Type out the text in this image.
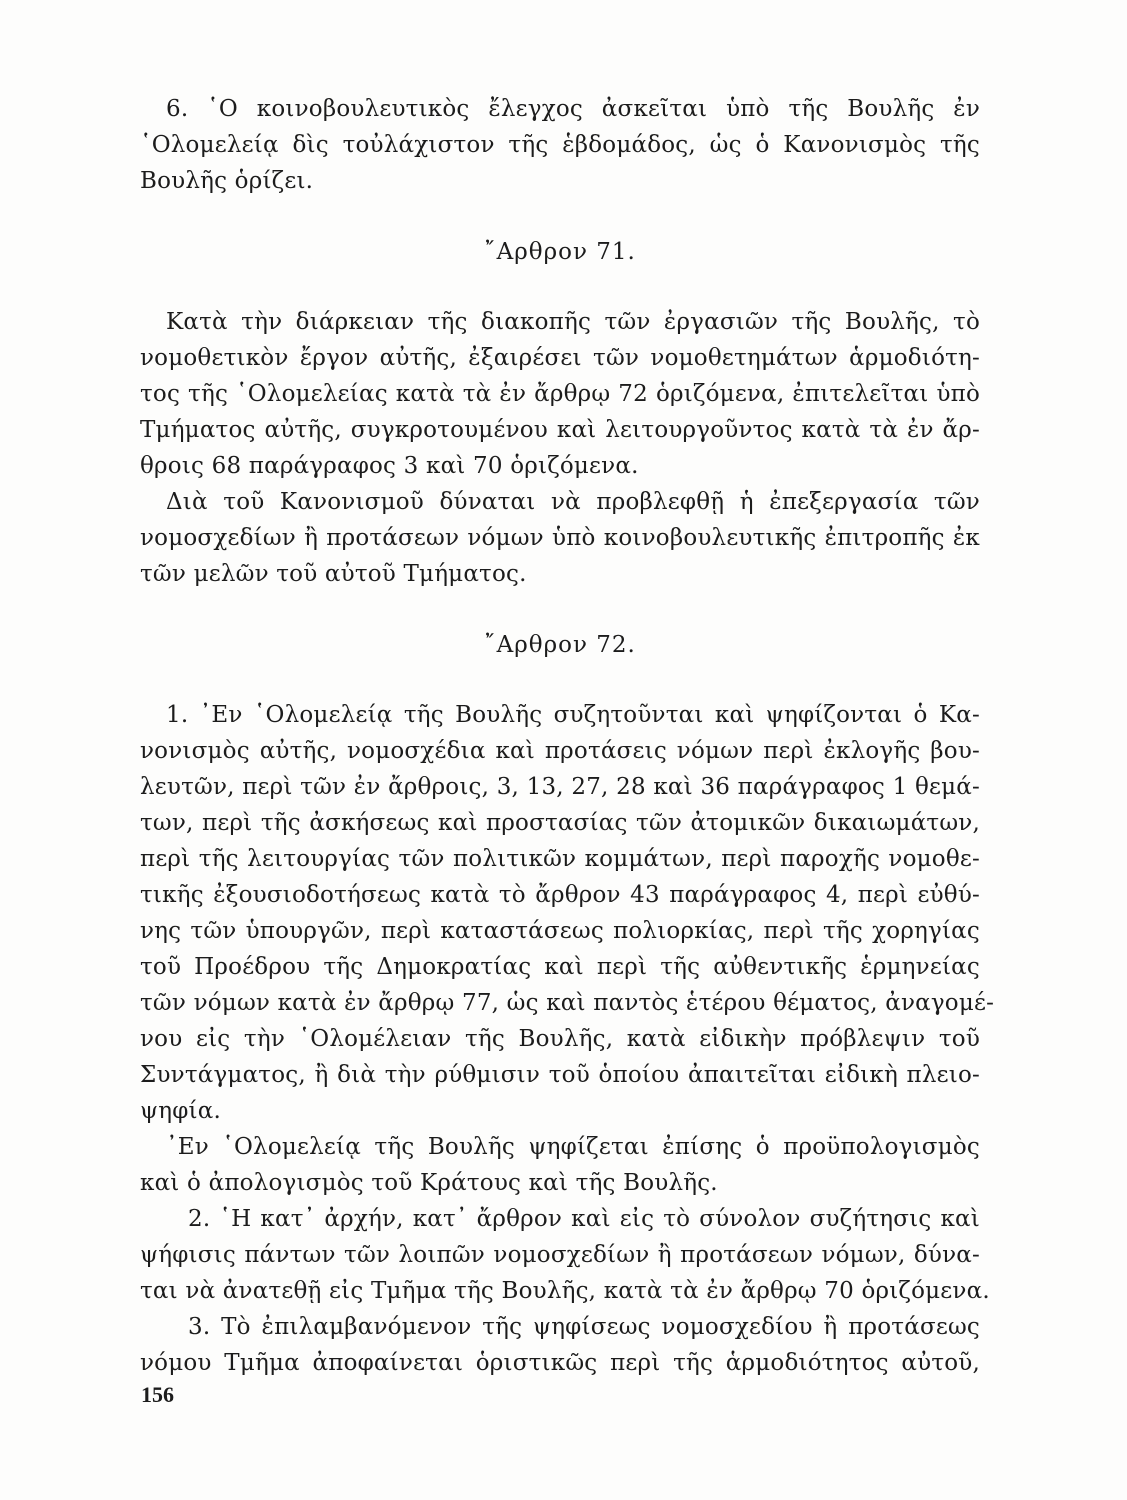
6. ῾Ο κοινοβουλευτικὸς ἔλεγχος ἀσκεῖται ὑπὸ τῆς Βουλῆς ἐν
῾Ολομελείᾳ δὶς τοὐλάχιστον τῆς ἑβδομάδος, ὡς ὁ Κανονισμὸς τῆς
Βουλῆς ὁρίζει.
῎Αρθρον 71.
Κατὰ τὴν διάρκειαν τῆς διακοπῆς τῶν ἐργασιῶν τῆς Βουλῆς, τὸ
νομοθετικὸν ἔργον αὐτῆς, ἐξαιρέσει τῶν νομοθετημάτων ἁρμοδιότη-
τος τῆς ῾Ολομελείας κατὰ τὰ ἐν ἄρθρῳ 72 ὁριζόμενα, ἐπιτελεῖται ὑπὸ
Τμήματος αὐτῆς, συγκροτουμένου καὶ λειτουργοῦντος κατὰ τὰ ἐν ἄρ-
θροις 68 παράγραφος 3 καὶ 70 ὁριζόμενα.
Διὰ τοῦ Κανονισμοῦ δύναται νὰ προβλεφθῇ ἡ ἐπεξεργασία τῶν
νομοσχεδίων ἢ προτάσεων νόμων ὑπὸ κοινοβουλευτικῆς ἐπιτροπῆς ἐκ
τῶν μελῶν τοῦ αὐτοῦ Τμήματος.
῎Αρθρον 72.
1. ᾿Εν ῾Ολομελείᾳ τῆς Βουλῆς συζητοῦνται καὶ ψηφίζονται ὁ Κα-
νονισμὸς αὐτῆς, νομοσχέδια καὶ προτάσεις νόμων περὶ ἐκλογῆς βου-
λευτῶν, περὶ τῶν ἐν ἄρθροις, 3, 13, 27, 28 καὶ 36 παράγραφος 1 θεμά-
των, περὶ τῆς ἀσκήσεως καὶ προστασίας τῶν ἀτομικῶν δικαιωμάτων,
περὶ τῆς λειτουργίας τῶν πολιτικῶν κομμάτων, περὶ παροχῆς νομοθε-
τικῆς ἐξουσιοδοτήσεως κατὰ τὸ ἄρθρον 43 παράγραφος 4, περὶ εὐθύ-
νης τῶν ὑπουργῶν, περὶ καταστάσεως πολιορκίας, περὶ τῆς χορηγίας
τοῦ Προέδρου τῆς Δημοκρατίας καὶ περὶ τῆς αὐθεντικῆς ἑρμηνείας
τῶν νόμων κατὰ ἐν ἄρθρῳ 77, ὡς καὶ παντὸς ἑτέρου θέματος, ἀναγομέ-
νου εἰς τὴν ῾Ολομέλειαν τῆς Βουλῆς, κατὰ εἰδικὴν πρόβλεψιν τοῦ
Συντάγματος, ἢ διὰ τὴν ρύθμισιν τοῦ ὁποίου ἀπαιτεῖται εἰδικὴ πλειο-
ψηφία.
᾿Εν ῾Ολομελείᾳ τῆς Βουλῆς ψηφίζεται ἐπίσης ὁ προϋπολογισμὸς
καὶ ὁ ἀπολογισμὸς τοῦ Κράτους καὶ τῆς Βουλῆς.
2. ῾Η κατ᾿ ἀρχήν, κατ᾿ ἄρθρον καὶ εἰς τὸ σύνολον συζήτησις καὶ
ψήφισις πάντων τῶν λοιπῶν νομοσχεδίων ἢ προτάσεων νόμων, δύνα-
ται νὰ ἀνατεθῇ εἰς Τμῆμα τῆς Βουλῆς, κατὰ τὰ ἐν ἄρθρῳ 70 ὁριζόμενα.
3. Τὸ ἐπιλαμβανόμενον τῆς ψηφίσεως νομοσχεδίου ἢ προτάσεως
νόμου Τμῆμα ἀποφαίνεται ὁριστικῶς περὶ τῆς ἁρμοδιότητος αὐτοῦ,
156
